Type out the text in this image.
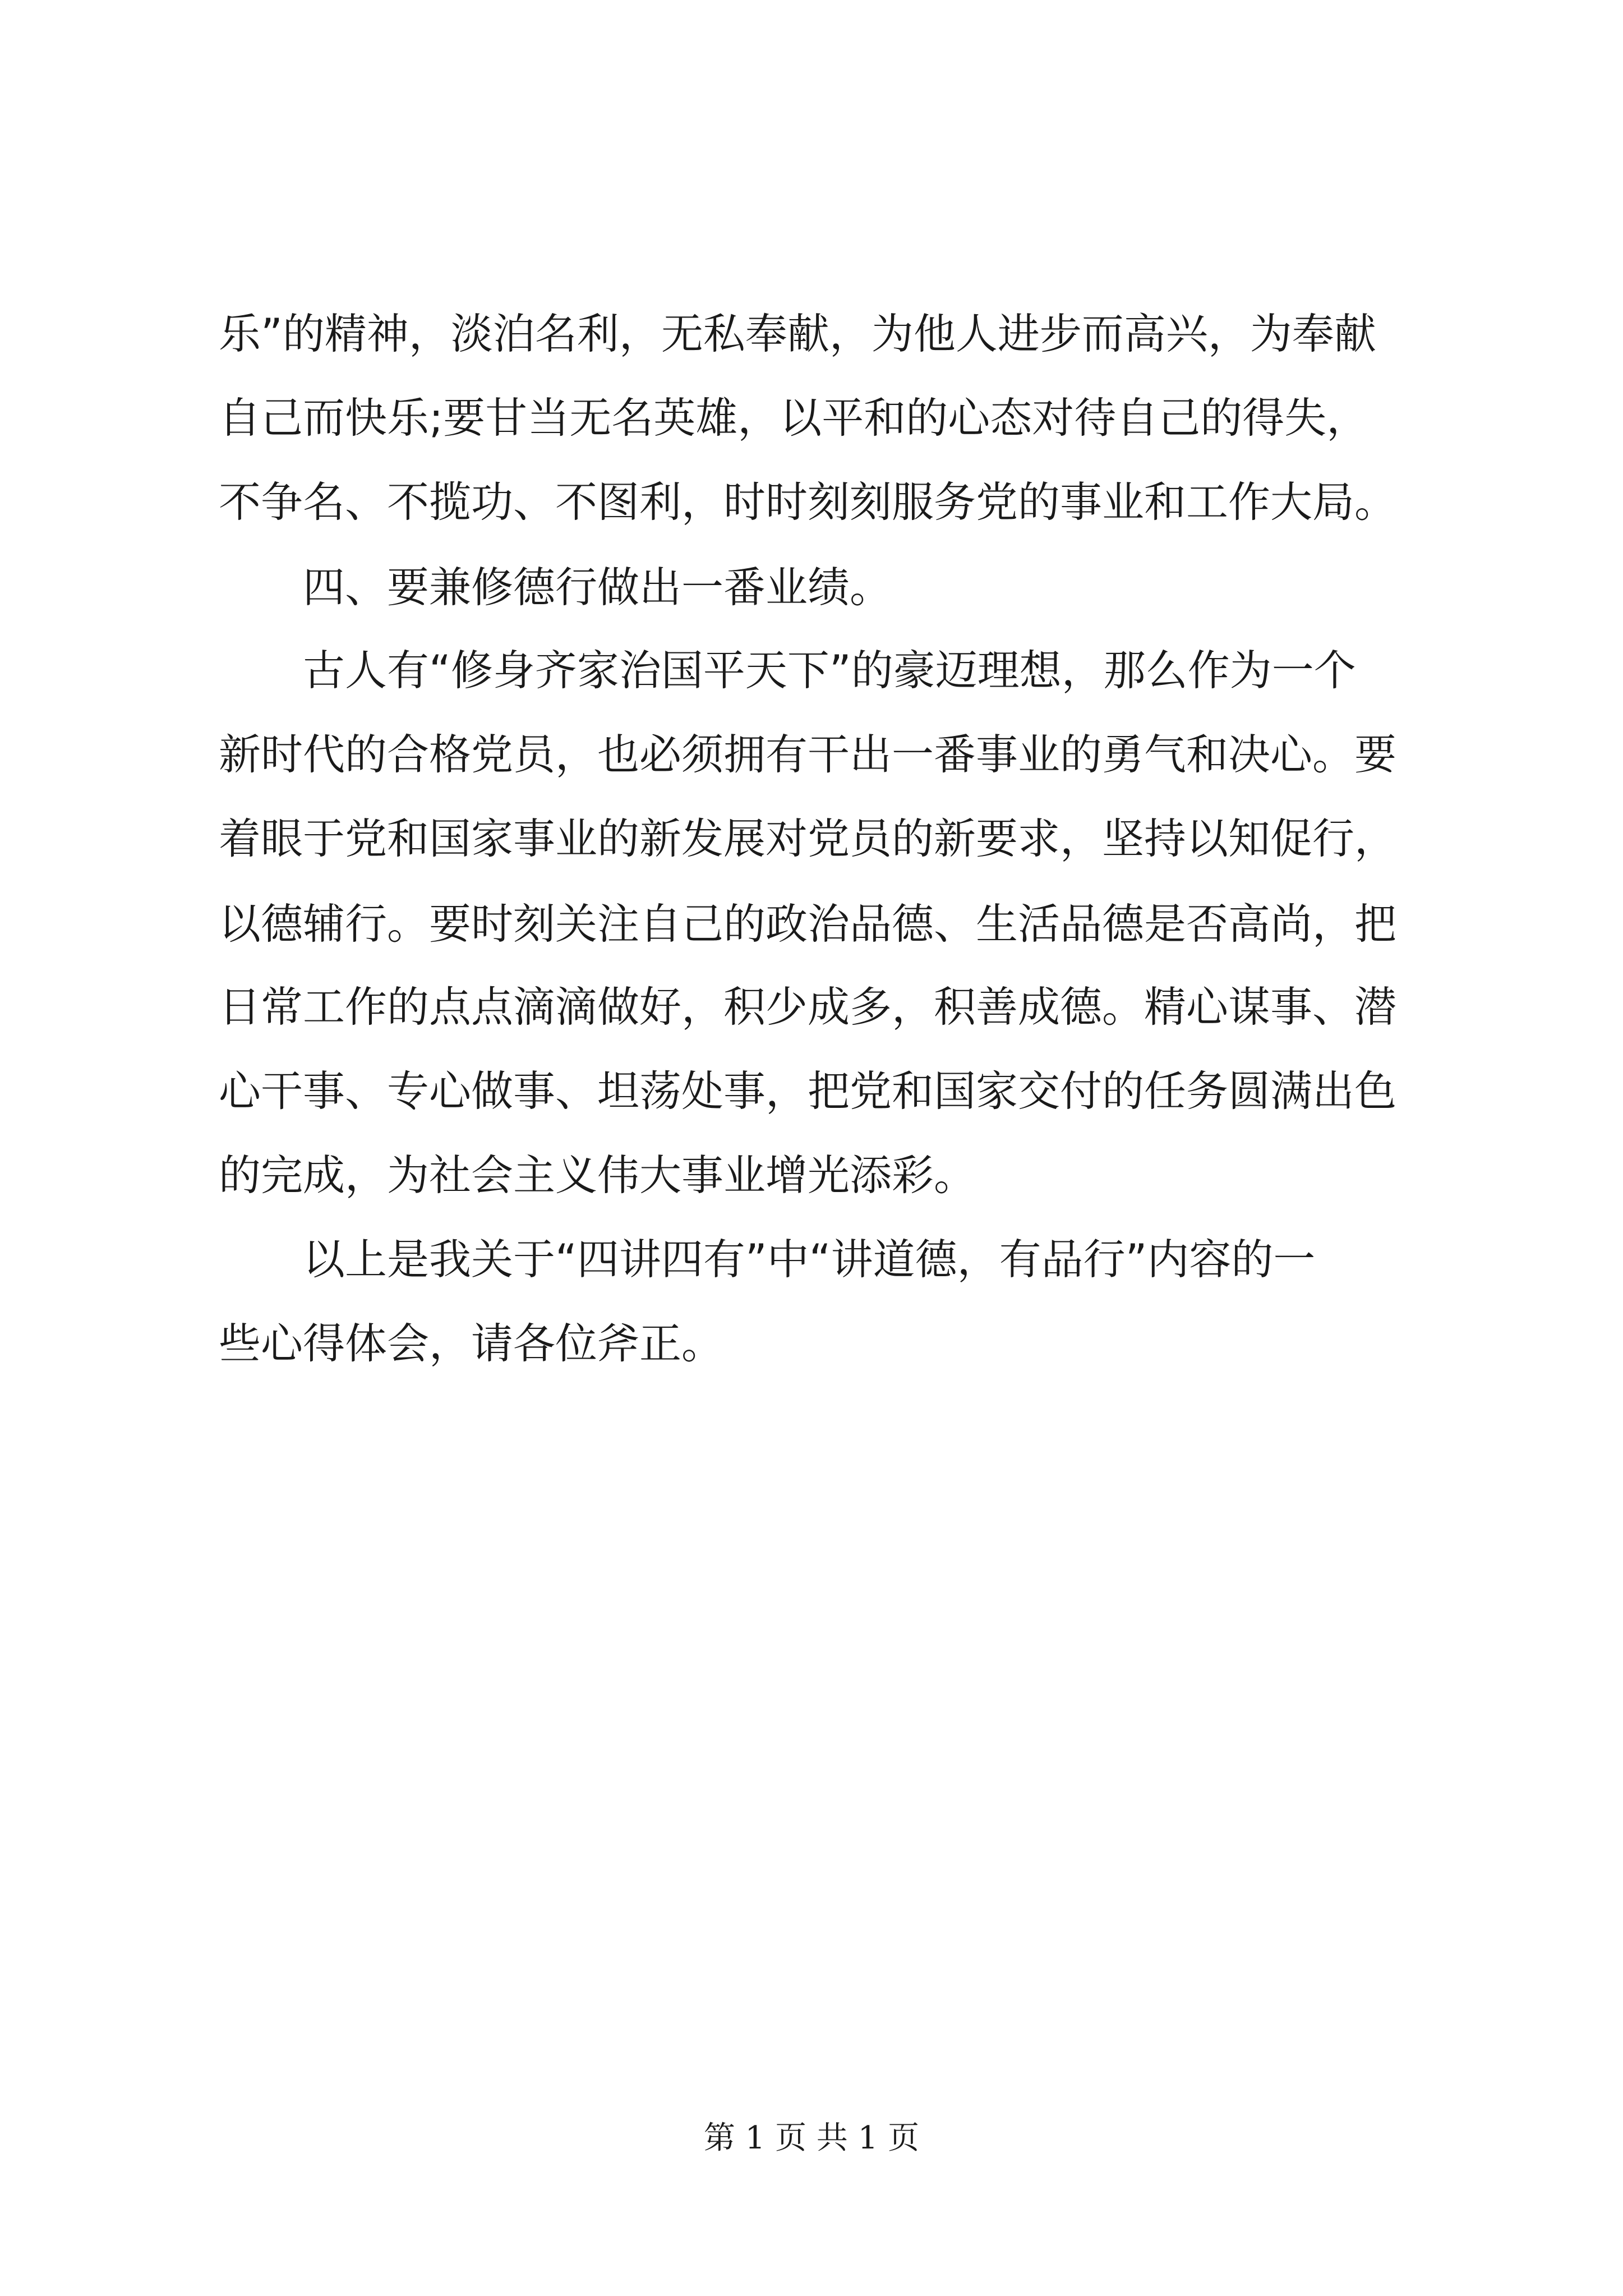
乐”的精神，淡泊名利，无私奉献，为他人进步而高兴，为奉献
自己而快乐;要甘当无名英雄，以平和的心态对待自己的得失，
不争名、不揽功、不图利，时时刻刻服务党的事业和工作大局。
四、要兼修德行做出一番业绩。
古人有“修身齐家治国平天下”的豪迈理想，那么作为一个
新时代的合格党员，也必须拥有干出一番事业的勇气和决心。要
着眼于党和国家事业的新发展对党员的新要求，坚持以知促行，
以德辅行。要时刻关注自己的政治品德、生活品德是否高尚，把
日常工作的点点滴滴做好，积少成多，积善成德。精心谋事、潜
心干事、专心做事、坦荡处事，把党和国家交付的任务圆满出色
的完成，为社会主义伟大事业增光添彩。
以上是我关于“四讲四有”中“讲道德，有品行”内容的一
些心得体会，请各位斧正。
第 1 页 共 1 页
